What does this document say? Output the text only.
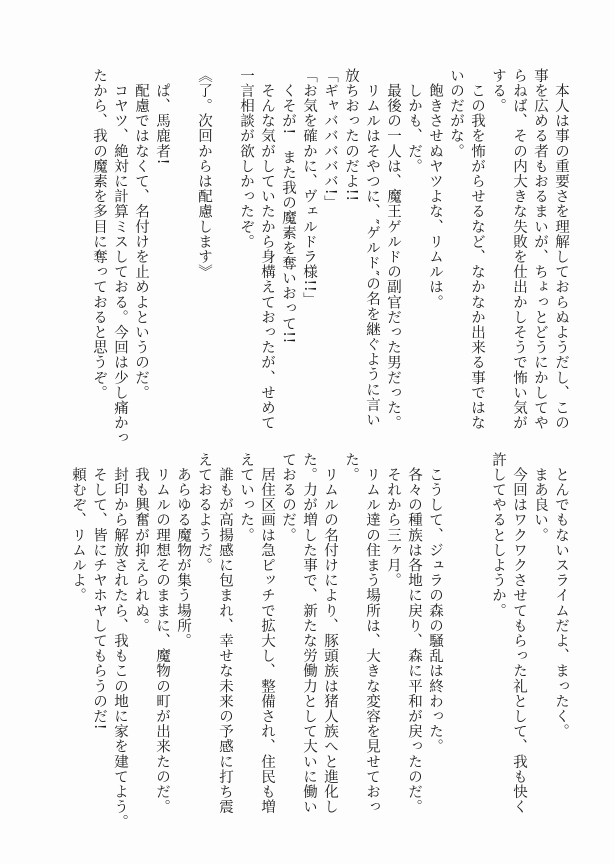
　本人は事の重要さを理解しておらぬようだし、この
事を広める者もおるまいが、ちょっとどうにかしてや
らねば、その内大きな失敗を仕出かしそうで怖い気が
する。
　この我を怖がらせるなど、なかなか出来る事ではな
いのだがな。
　飽きさせぬヤツよな、リムルは。
　しかも、だ。
　最後の一人は、魔王ゲルドの副官だった男だった。
　リムルはそやつに、″ゲルド″の名を継ぐように言い
放ちおったのだよ!!
「ギャバババババ!」
「お気を確かに、ヴェルドラ様!!」
　くそが!　また我の魔素を奪いおって!!
　そんな気がしていたから身構えておったが、せめて
一言相談が欲しかったぞ。
《了。次回からは配慮します》
　ぱ、馬鹿者!
　配慮ではなくて、名付けを止めよというのだ。
　コヤツ、絶対に計算ミスしておる。今回は少し痛かっ
たから、我の魔素を多目に奪っておると思うぞ。
　とんでもないスライムだよ、まったく。
　まあ良い。
　今回はワクワクさせてもらった礼として、我も快く
許してやるとしようか。
　こうして、ジュラの森の騒乱は終わった。
　各々の種族は各地に戻り、森に平和が戻ったのだ。
　それから三ヶ月。
　リムル達の住まう場所は、大きな変容を見せておっ
た。
　リムルの名付けにより、豚頭族は猪人族へと進化し
た。力が増した事で、新たな労働力として大いに働い
ておるのだ。
　居住区画は急ピッチで拡大し、整備され、住民も増
えていった。
　誰もが高揚感に包まれ、幸せな未来の予感に打ち震
えておるようだ。
　あらゆる魔物が集う場所。
　リムルの理想そのままに、魔物の町が出来たのだ。
　我も興奮が抑えられぬ。
　封印から解放されたら、我もこの地に家を建てよう。
　そして、皆にチヤホヤしてもらうのだ!
　頼むぞ、リムルよ。
